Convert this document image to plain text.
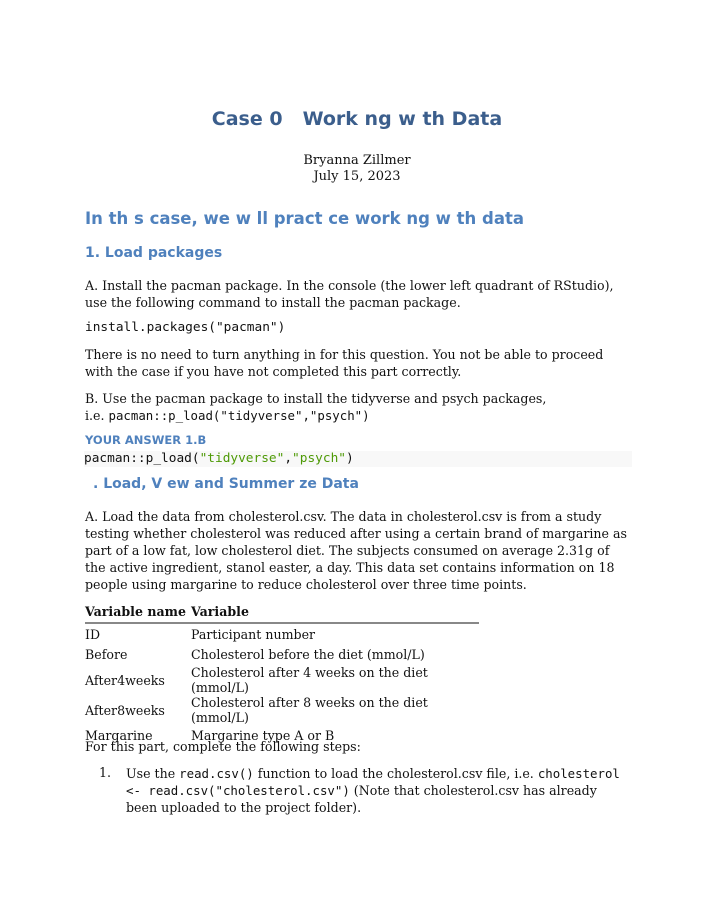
Case 0 Work ng w th Data
Bryanna Zillmer
July 15, 2023
In th s case, we w ll pract ce work ng w th data
1. Load packages
A. Install the pacman package. In the console (the lower left quadrant of RStudio), use the following command to install the pacman package.
install.packages("pacman")
There is no need to turn anything in for this question. You not be able to proceed with the case if you have not completed this part correctly.
B. Use the pacman package to install the tidyverse and psych packages,
i.e. pacman::p_load("tidyverse","psych")
YOUR ANSWER 1.B
pacman::p_load("tidyverse","psych")
. Load, V ew and Summer ze Data
A. Load the data from cholesterol.csv. The data in cholesterol.csv is from a study testing whether cholesterol was reduced after using a certain brand of margarine as part of a low fat, low cholesterol diet. The subjects consumed on average 2.31g of the active ingredient, stanol easter, a day. This data set contains information on 18 people using margarine to reduce cholesterol over three time points.
Variable name	Variable
ID	Participant number
Before	Cholesterol before the diet (mmol/L)
After4weeks	Cholesterol after 4 weeks on the diet (mmol/L)
After8weeks	Cholesterol after 8 weeks on the diet (mmol/L)
Margarine	Margarine type A or B
For this part, complete the following steps:
1. Use the read.csv() function to load the cholesterol.csv file, i.e. cholesterol <- read.csv("cholesterol.csv") (Note that cholesterol.csv has already been uploaded to the project folder).
